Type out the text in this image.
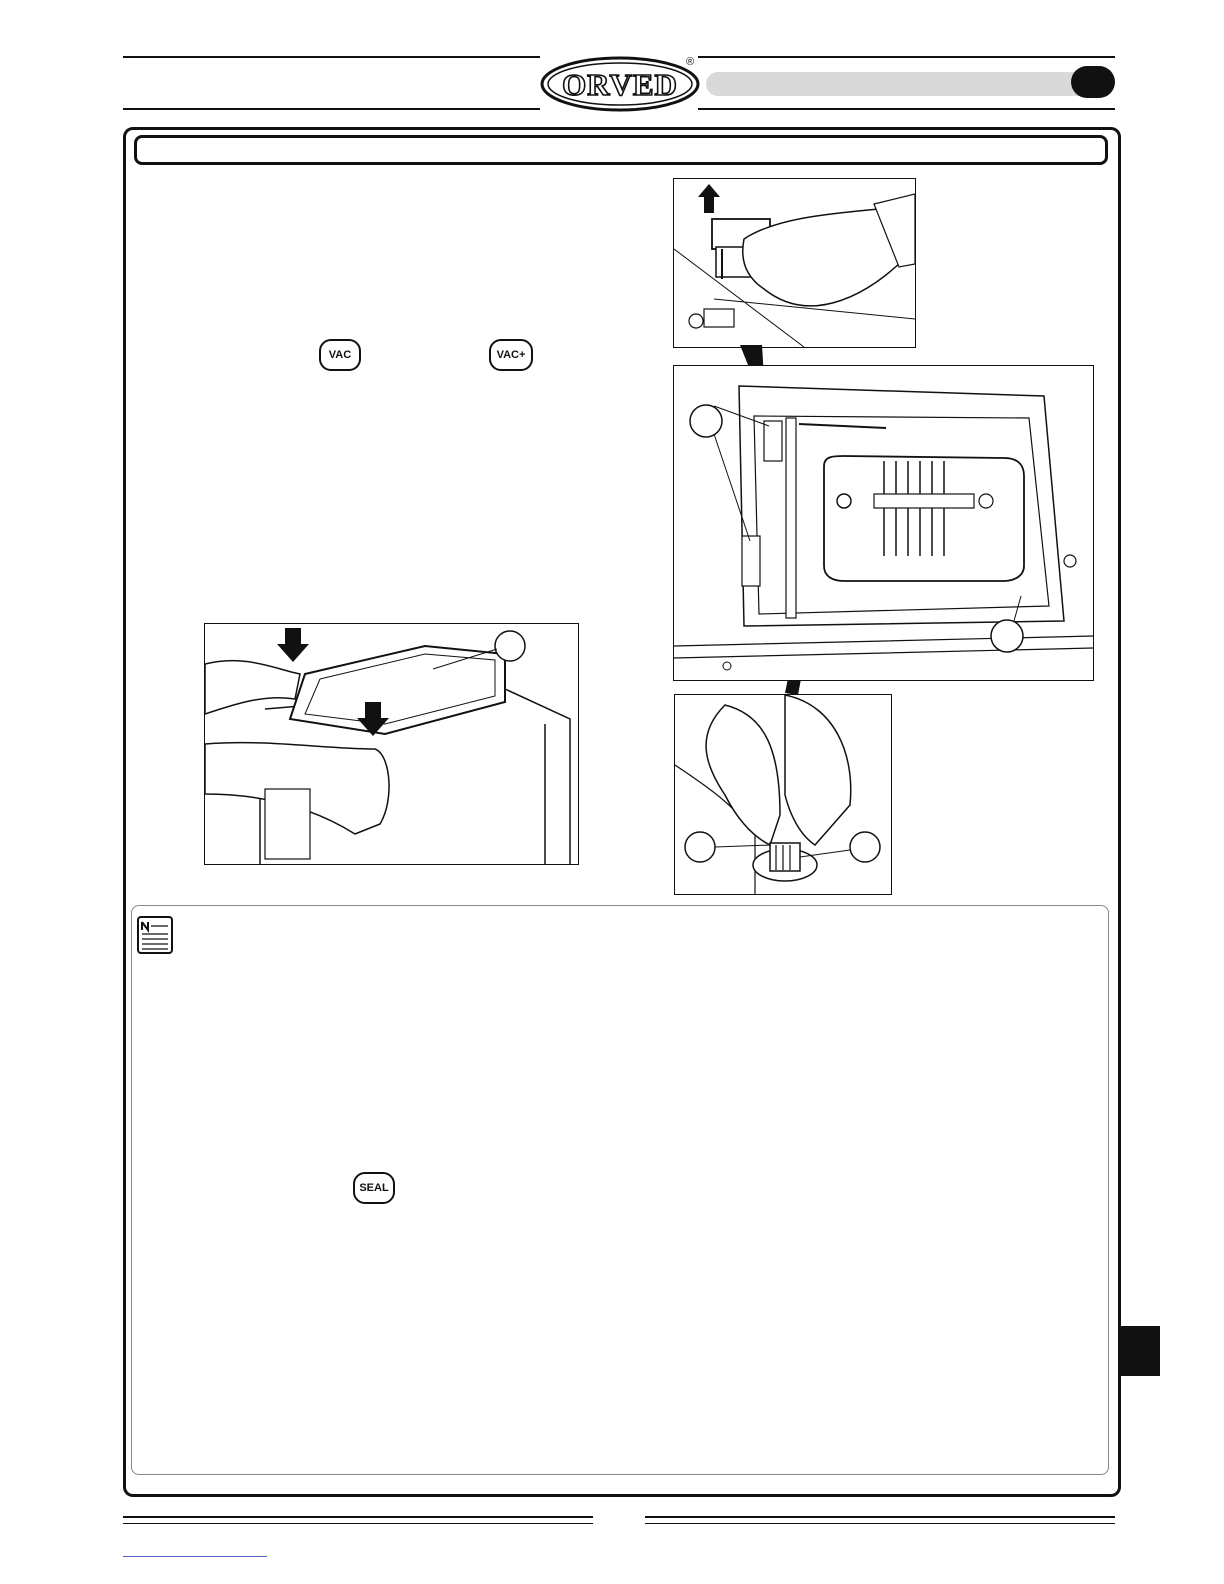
ORVED
®
VAC	VAC+
SEAL
